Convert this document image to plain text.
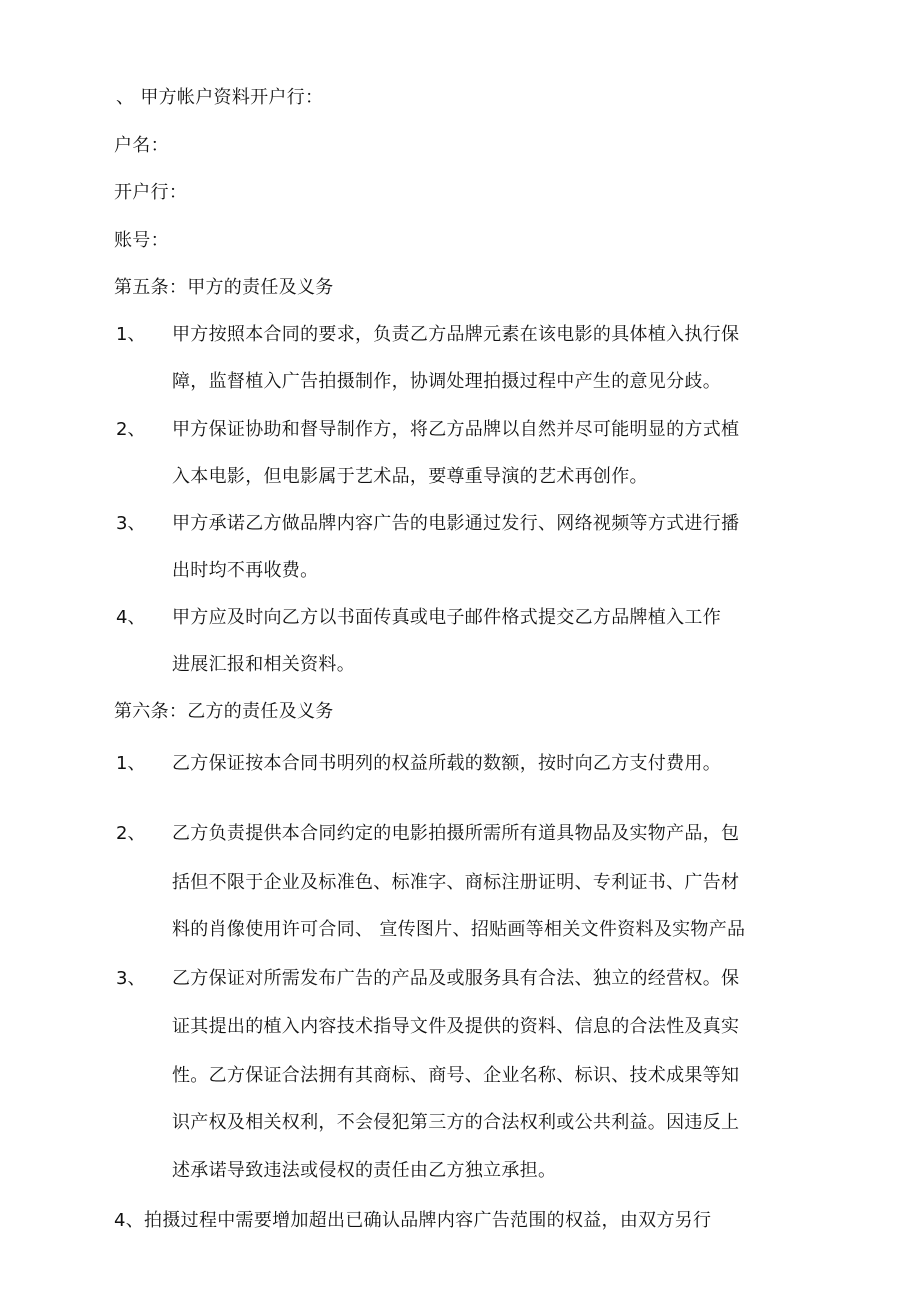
、 甲方帐户资料开户行：
户名：
开户行：
账号：
第五条：甲方的责任及义务
1、 甲方按照本合同的要求，负责乙方品牌元素在该电影的具体植入执行保
障，监督植入广告拍摄制作，协调处理拍摄过程中产生的意见分歧。
2、 甲方保证协助和督导制作方，将乙方品牌以自然并尽可能明显的方式植
入本电影，但电影属于艺术品，要尊重导演的艺术再创作。
3、 甲方承诺乙方做品牌内容广告的电影通过发行、网络视频等方式进行播
出时均不再收费。
4、 甲方应及时向乙方以书面传真或电子邮件格式提交乙方品牌植入工作
进展汇报和相关资料。
第六条：乙方的责任及义务
1、 乙方保证按本合同书明列的权益所载的数额，按时向乙方支付费用。
2、 乙方负责提供本合同约定的电影拍摄所需所有道具物品及实物产品，包
括但不限于企业及标准色、标准字、商标注册证明、专利证书、广告材
料的肖像使用许可合同、 宣传图片、招贴画等相关文件资料及实物产品
3、 乙方保证对所需发布广告的产品及或服务具有合法、独立的经营权。保
证其提出的植入内容技术指导文件及提供的资料、信息的合法性及真实
性。乙方保证合法拥有其商标、商号、企业名称、标识、技术成果等知
识产权及相关权利，不会侵犯第三方的合法权利或公共利益。因违反上
述承诺导致违法或侵权的责任由乙方独立承担。
4、拍摄过程中需要增加超出已确认品牌内容广告范围的权益，由双方另行
